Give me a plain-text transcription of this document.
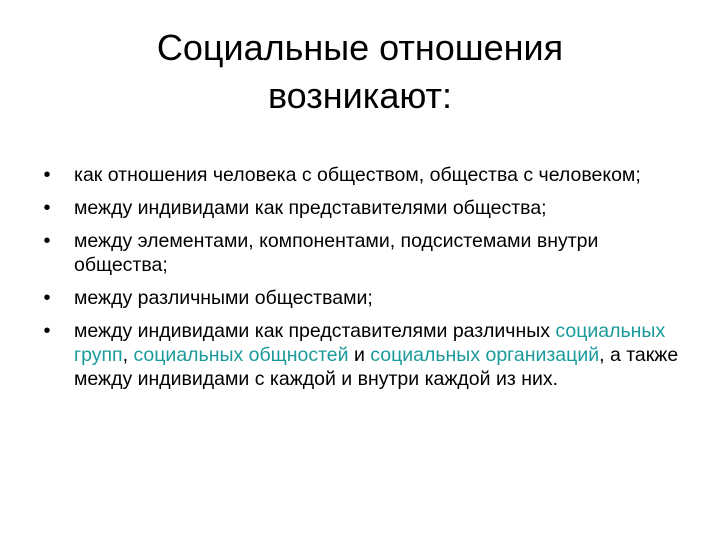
Социальные отношения
возникают:
• как отношения человека с обществом, общества с человеком;
• между индивидами как представителями общества;
• между элементами, компонентами, подсистемами внутри общества;
• между различными обществами;
• между индивидами как представителями различных социальных групп, социальных общностей и социальных организаций, а также между индивидами с каждой и внутри каждой из них.
